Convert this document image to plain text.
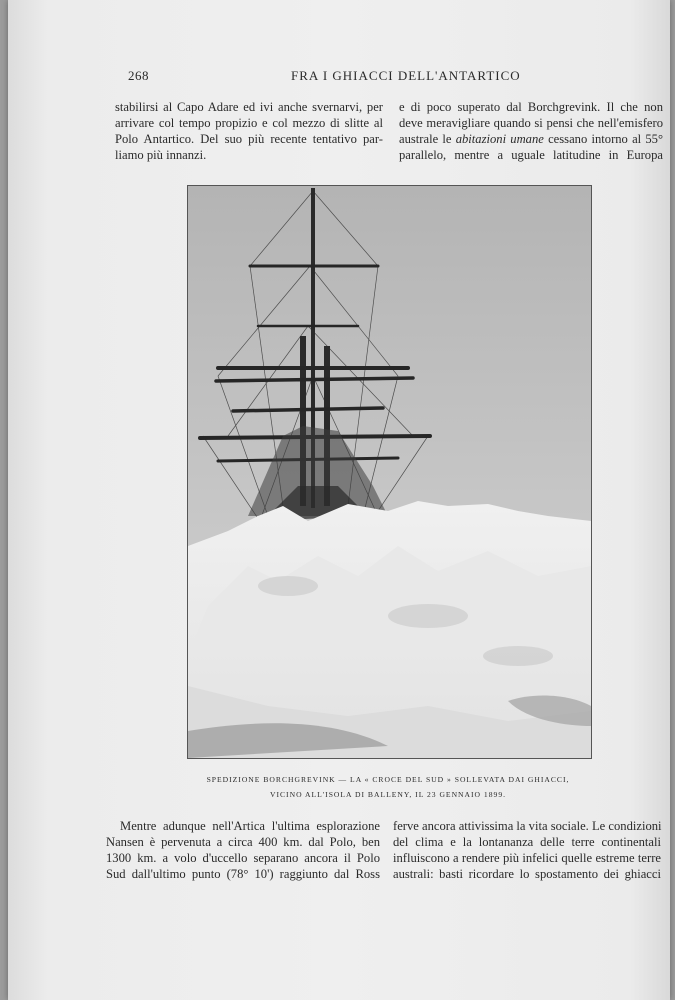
268	FRA I GHIACCI DELL'ANTARTICO
stabilirsi al Capo Adare ed ivi anche svernarvi, per
arrivare col tempo propizio e col mezzo di slitte al
Polo Antartico. Del suo più recente tentativo par-
liamo più innanzi.
e di poco superato dal Borchgrevink. Il che non
deve meravigliare quando si pensi che nell'emisfero
australe le abitazioni umane cessano intorno al 55°
parallelo, mentre a uguale latitudine in Europa
SPEDIZIONE BORCHGREVINK — LA « CROCE DEL SUD » SOLLEVATA DAI GHIACCI,
VICINO ALL'ISOLA DI BALLENY, IL 23 GENNAIO 1899.
Mentre adunque nell'Artica l'ultima esplorazione
Nansen è pervenuta a circa 400 km. dal Polo, ben
1300 km. a volo d'uccello separano ancora il Polo
Sud dall'ultimo punto (78° 10') raggiunto dal Ross
ferve ancora attivissima la vita sociale. Le condizioni
del clima e la lontananza delle terre continentali
influiscono a rendere più infelici quelle estreme terre
australi: basti ricordare lo spostamento dei ghiacci
